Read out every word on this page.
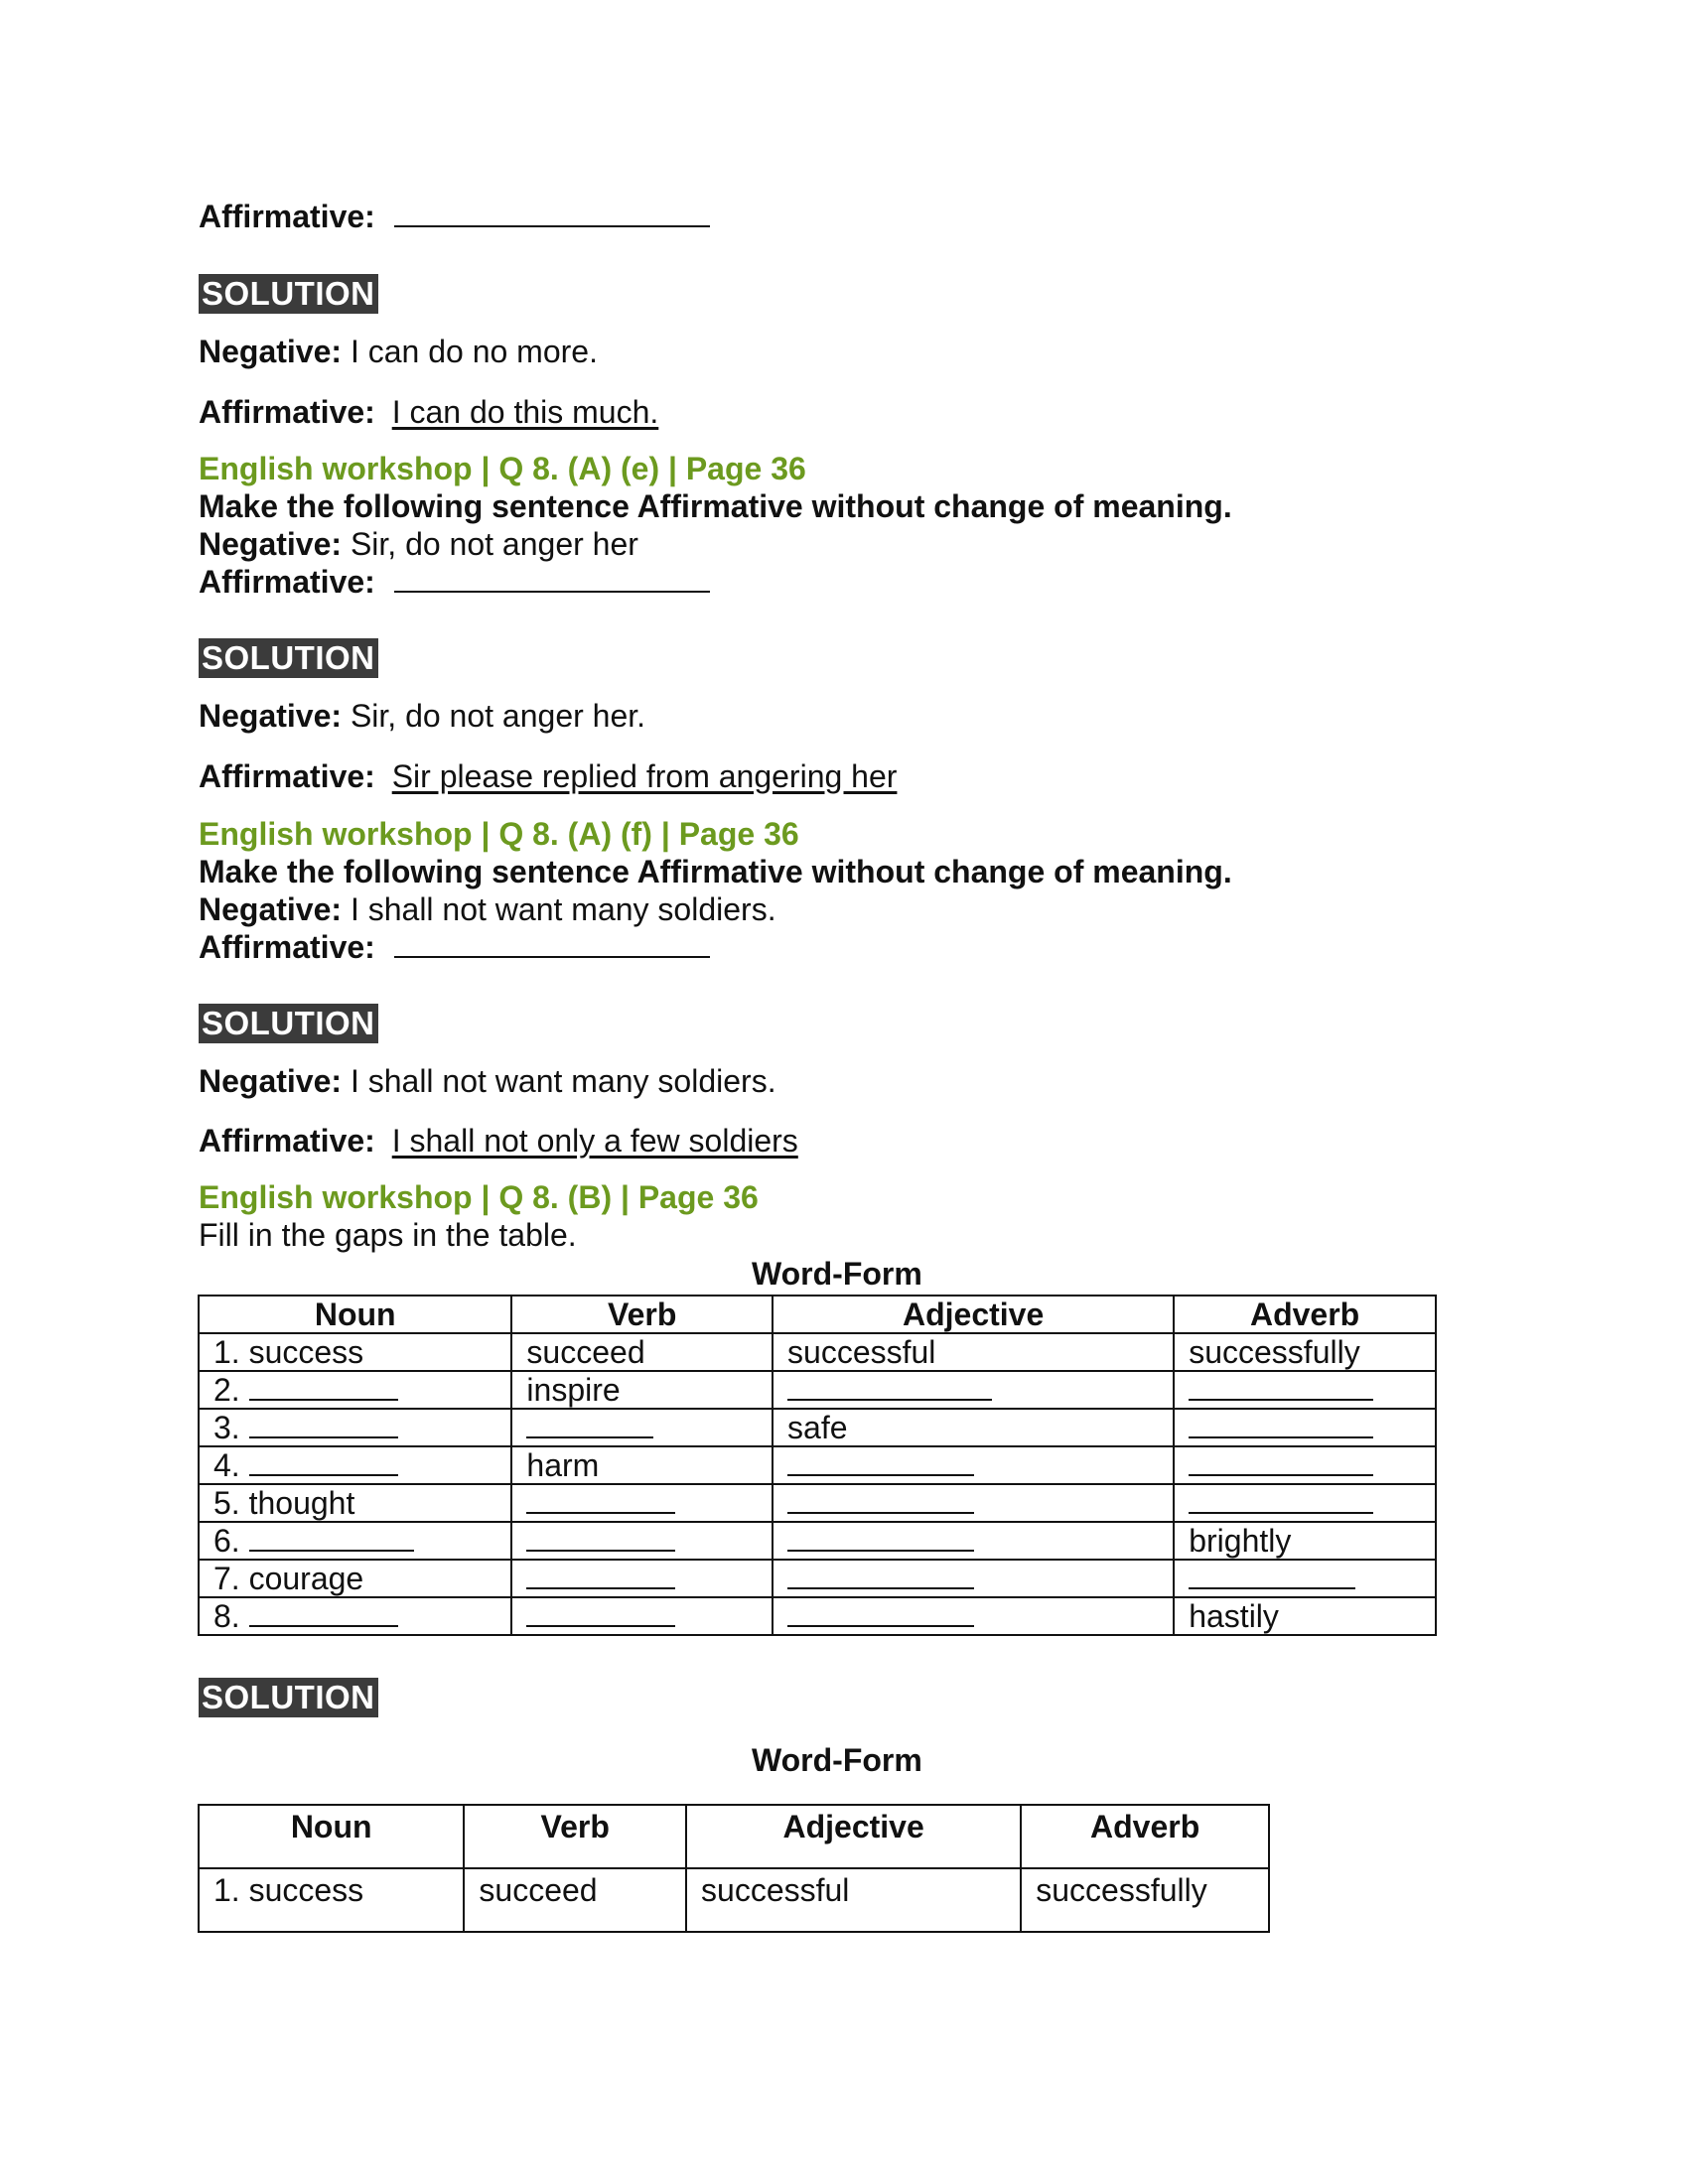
Affirmative:
SOLUTION
Negative: I can do no more.
Affirmative: I can do this much.
English workshop | Q 8. (A) (e) | Page 36
Make the following sentence Affirmative without change of meaning.
Negative: Sir, do not anger her
Affirmative:
SOLUTION
Negative: Sir, do not anger her.
Affirmative: Sir please replied from angering her
English workshop | Q 8. (A) (f) | Page 36
Make the following sentence Affirmative without change of meaning.
Negative: I shall not want many soldiers.
Affirmative:
SOLUTION
Negative: I shall not want many soldiers.
Affirmative: I shall not only a few soldiers
English workshop | Q 8. (B) | Page 36
Fill in the gaps in the table.
Word-Form
Noun	Verb	Adjective	Adverb
1. success	succeed	successful	successfully
2.	inspire		
3.		safe	
4.	harm		
5. thought			
6.			brightly
7. courage			
8.			hastily
SOLUTION
Word-Form
Noun	Verb	Adjective	Adverb
1. success	succeed	successful	successfully
